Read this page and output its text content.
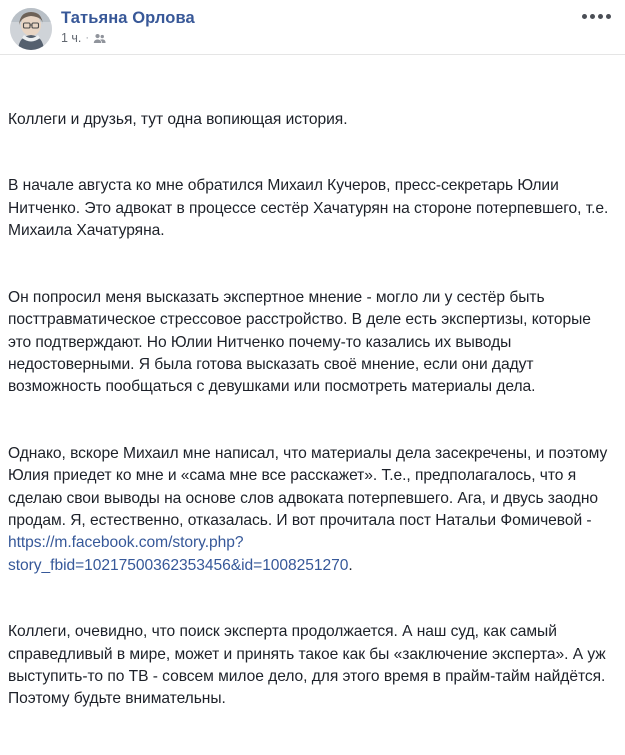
Татьяна Орлова
1 ч. ·

Коллеги и друзья, тут одна вопиющая история.

В начале августа ко мне обратился Михаил Кучеров, пресс-секретарь Юлии Нитченко. Это адвокат в процессе сестёр Хачатурян на стороне потерпевшего, т.е. Михаила Хачатуряна.

Он попросил меня высказать экспертное мнение - могло ли у сестёр быть посттравматическое стрессовое расстройство. В деле есть экспертизы, которые это подтверждают. Но Юлии Нитченко почему-то казались их выводы недостоверными. Я была готова высказать своё мнение, если они дадут возможность пообщаться с девушками или посмотреть материалы дела.

Однако, вскоре Михаил мне написал, что материалы дела засекречены, и поэтому Юлия приедет ко мне и «сама мне все расскажет». Т.е., предполагалось, что я сделаю свои выводы на основе слов адвоката потерпевшего. Ага, и двусь заодно продам. Я, естественно, отказалась. И вот прочитала пост Натальи Фомичевой -
https://m.facebook.com/story.php?
story_fbid=10217500362353456&id=1008251270.

Коллеги, очевидно, что поиск эксперта продолжается. А наш суд, как самый справедливый в мире, может и принять такое как бы «заключение эксперта». А уж выступить-то по ТВ - совсем милое дело, для этого время в прайм-тайм найдётся. Поэтому будьте внимательны.
